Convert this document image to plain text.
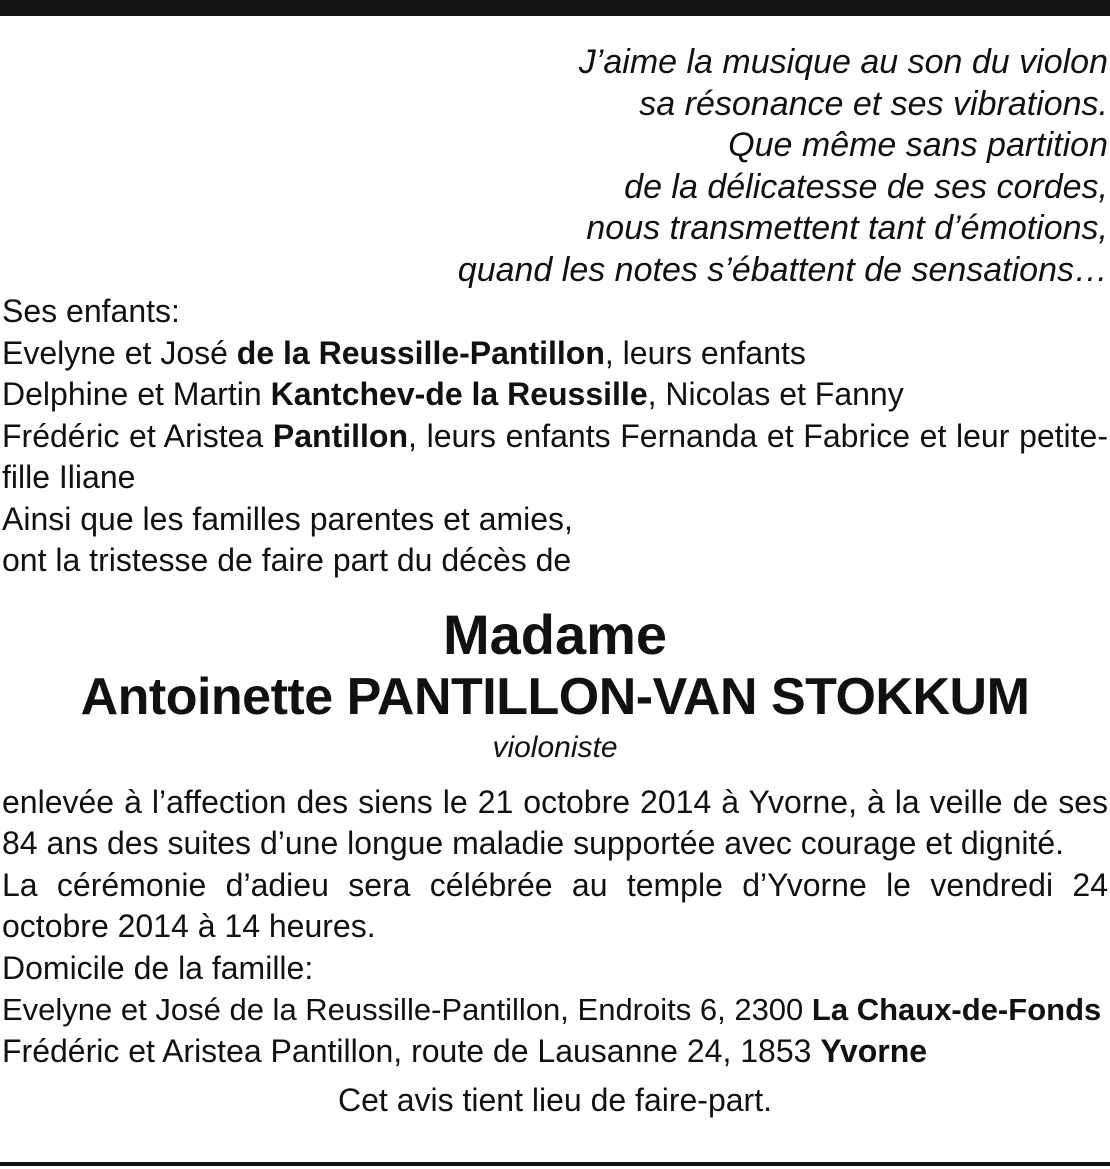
J’aime la musique au son du violon
sa résonance et ses vibrations.
Que même sans partition
de la délicatesse de ses cordes,
nous transmettent tant d’émotions,
quand les notes s’ébattent de sensations…
Ses enfants:
Evelyne et José de la Reussille-Pantillon, leurs enfants
Delphine et Martin Kantchev-de la Reussille, Nicolas et Fanny
Frédéric et Aristea Pantillon, leurs enfants Fernanda et Fabrice et leur petite-fille Iliane
Ainsi que les familles parentes et amies,
ont la tristesse de faire part du décès de
Madame
Antoinette PANTILLON-VAN STOKKUM
violoniste
enlevée à l’affection des siens le 21 octobre 2014 à Yvorne, à la veille de ses 84 ans des suites d’une longue maladie supportée avec courage et dignité.
La cérémonie d’adieu sera célébrée au temple d’Yvorne le vendredi 24 octobre 2014 à 14 heures.
Domicile de la famille:
Evelyne et José de la Reussille-Pantillon, Endroits 6, 2300 La Chaux-de-Fonds
Frédéric et Aristea Pantillon, route de Lausanne 24, 1853 Yvorne
Cet avis tient lieu de faire-part.
